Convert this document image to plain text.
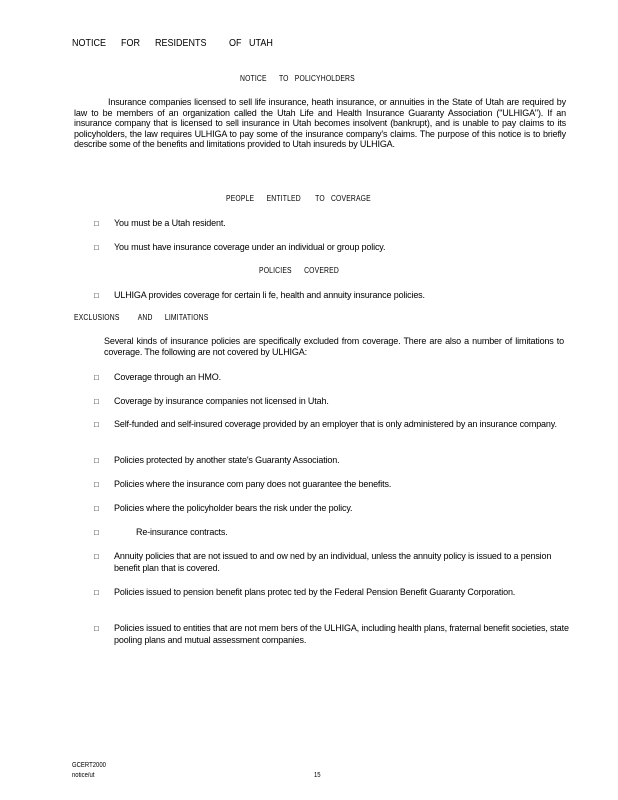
NOTICE      FOR      RESIDENTS         OF   UTAH
NOTICE      TO   POLICYHOLDERS
Insurance companies licensed to sell life insurance, heath insurance, or annuities in the State of Utah are required by law to be members of an organization called the Utah Life and Health Insurance Guaranty Association ("ULHIGA"). If an insurance company that is licensed to sell insurance in Utah becomes insolvent (bankrupt), and is unable to pay claims to its policyholders, the law requires ULHIGA to pay some of the insurance company's claims. The purpose of this notice is to briefly describe some of the benefits and limitations provided to Utah insureds by ULHIGA.
PEOPLE      ENTITLED       TO   COVERAGE
□ You must be a Utah resident.
□ You must have insurance coverage under an individual or group policy.
POLICIES      COVERED
□ ULHIGA provides coverage for certain li fe, health and annuity insurance policies.
EXCLUSIONS         AND      LIMITATIONS
Several kinds of insurance policies are specifically excluded from coverage. There are also a number of limitations to coverage. The following are not covered by ULHIGA:
□ Coverage through an HMO.
□ Coverage by insurance companies not licensed in Utah.
□ Self-funded and self-insured coverage provided by an employer that is only administered by an insurance company.
□ Policies protected by another state's Guaranty Association.
□ Policies where the insurance com pany does not guarantee the benefits.
□ Policies where the policyholder bears the risk under the policy.
□	Re-insurance contracts.
□ Annuity policies that are not issued to and ow ned by an individual, unless the annuity policy is issued to a pension benefit plan that is covered.
□ Policies issued to pension benefit plans protec ted by the Federal Pension Benefit Guaranty Corporation.
□ Policies issued to entities that are not mem bers of the ULHIGA, including health plans, fraternal benefit societies, state pooling plans and mutual assessment companies.
GCERT2000
notice/ut	15
